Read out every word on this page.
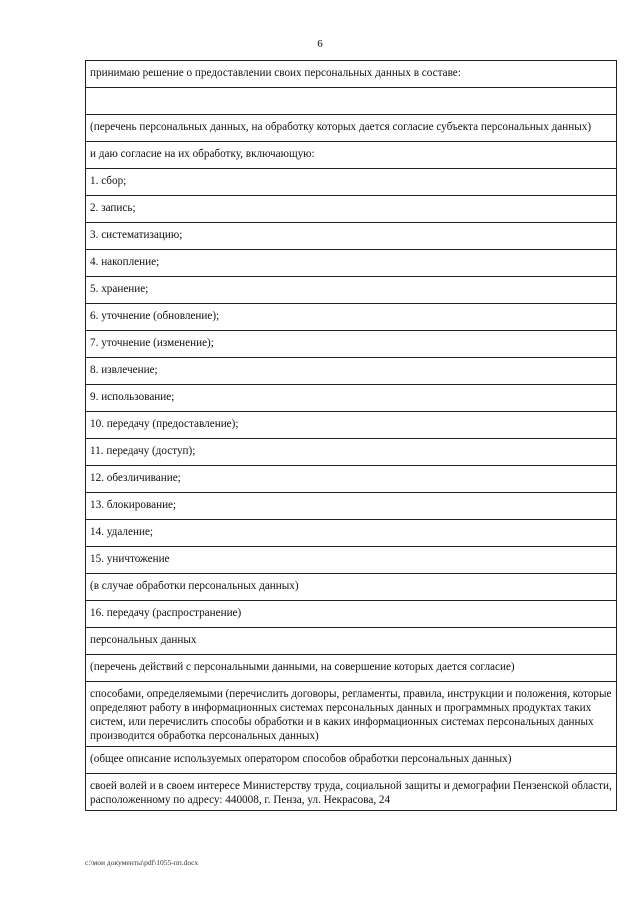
6
принимаю решение о предоставлении своих персональных данных в составе:

(перечень персональных данных, на обработку которых дается согласие субъекта персональных данных)
и даю согласие на их обработку, включающую:
1. сбор;
2. запись;
3. систематизацию;
4. накопление;
5. хранение;
6. уточнение (обновление);
7. уточнение (изменение);
8. извлечение;
9. использование;
10. передачу (предоставление);
11. передачу (доступ);
12. обезличивание;
13. блокирование;
14. удаление;
15. уничтожение
(в случае обработки персональных данных)
16. передачу (распространение)
персональных данных
(перечень действий с персональными данными, на совершение которых дается согласие)
способами, определяемыми (перечислить договоры, регламенты, правила, инструкции и положения, которые определяют работу в информационных системах персональных данных и программных продуктах таких систем, или перечислить способы обработки и в каких информационных системах персональных данных производится обработка персональных данных)
(общее описание используемых оператором способов обработки персональных данных)
своей волей и в своем интересе Министерству труда, социальной защиты и демографии Пензенской области, расположенному по адресу: 440008, г. Пенза, ул. Некрасова, 24
c:\мои документы\pdf\1055-пп.docx
